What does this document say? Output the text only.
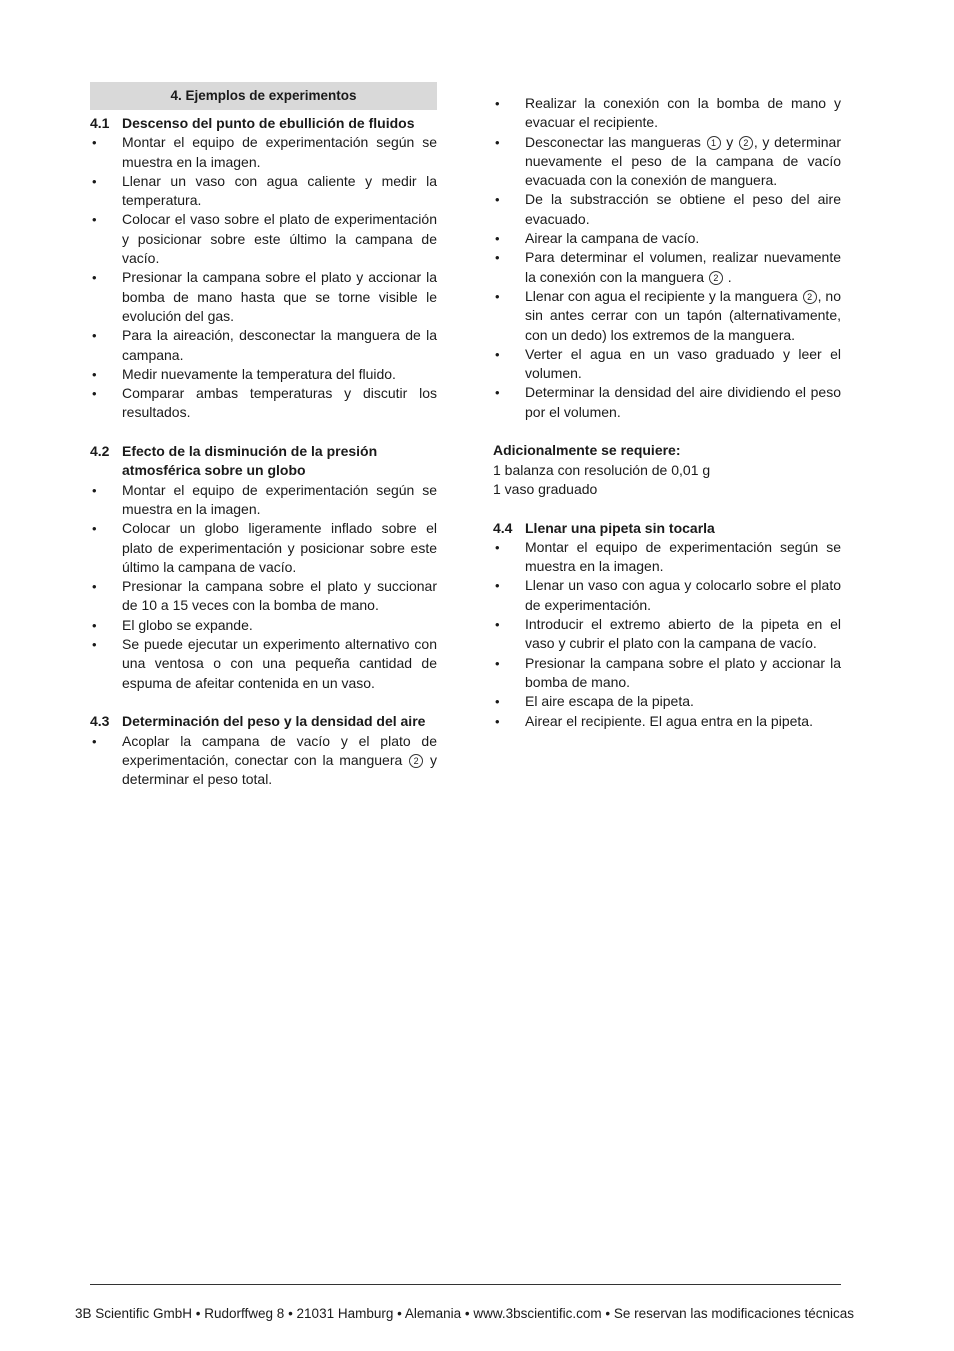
4. Ejemplos de experimentos
4.1 Descenso del punto de ebullición de fluidos
•	Montar el equipo de experimentación según se muestra en la imagen.
•	Llenar un vaso con agua caliente y medir la temperatura.
•	Colocar el vaso sobre el plato de experimentación y posicionar sobre este último la campana de vacío.
•	Presionar la campana sobre el plato y accionar la bomba de mano hasta que se torne visible le evolución del gas.
•	Para la aireación, desconectar la manguera de la campana.
•	Medir nuevamente la temperatura del fluido.
•	Comparar ambas temperaturas y discutir los resultados.
4.2 Efecto de la disminución de la presión atmosférica sobre un globo
•	Montar el equipo de experimentación según se muestra en la imagen.
•	Colocar un globo ligeramente inflado sobre el plato de experimentación y posicionar sobre este último la campana de vacío.
•	Presionar la campana sobre el plato y succionar de 10 a 15 veces con la bomba de mano.
•	El globo se expande.
•	Se puede ejecutar un experimento alternativo con una ventosa o con una pequeña cantidad de espuma de afeitar contenida en un vaso.
4.3 Determinación del peso y la densidad del aire
•	Acoplar la campana de vacío y el plato de experimentación, conectar con la manguera 2 y determinar el peso total.
•	Realizar la conexión con la bomba de mano y evacuar el recipiente.
•	Desconectar las mangueras 1 y 2 , y determinar nuevamente el peso de la campana de vacío evacuada con la conexión de manguera.
•	De la substracción se obtiene el peso del aire evacuado.
•	Airear la campana de vacío.
•	Para determinar el volumen, realizar nuevamente la conexión con la manguera 2 .
•	Llenar con agua el recipiente y la manguera 2 , no sin antes cerrar con un tapón (alternativamente, con un dedo) los extremos de la manguera.
•	Verter el agua en un vaso graduado y leer el volumen.
•	Determinar la densidad del aire dividiendo el peso por el volumen.

Adicionalmente se requiere:

1 balanza con resolución de 0,01 g

1 vaso graduado

4.4 Llenar una pipeta sin tocarla
•	Montar el equipo de experimentación según se muestra en la imagen.
•	Llenar un vaso con agua y colocarlo sobre el plato de experimentación.
•	Introducir el extremo abierto de la pipeta en el vaso y cubrir el plato con la campana de vacío.
•	Presionar la campana sobre el plato y accionar la bomba de mano.
•	El aire escapa de la pipeta.
•	Airear el recipiente. El agua entra en la pipeta.
3B Scientific GmbH • Rudorffweg 8 • 21031 Hamburg • Alemania • www.3bscientific.com • Se reservan las modificaciones técnicas
